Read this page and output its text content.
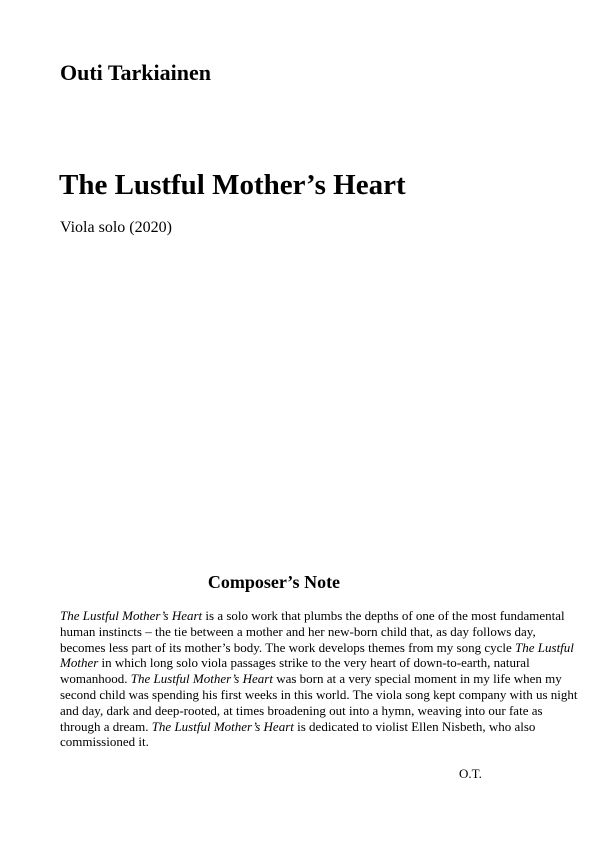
Outi Tarkiainen
The Lustful Mother’s Heart

Viola solo (2020)

Composer’s Note
The Lustful Mother’s Heart is a solo work that plumbs the depths of one of the most fundamental
human instincts – the tie between a mother and her new-born child that, as day follows day,
becomes less part of its mother’s body. The work develops themes from my song cycle The Lustful
Mother in which long solo viola passages strike to the very heart of down-to-earth, natural
womanhood. The Lustful Mother’s Heart was born at a very special moment in my life when my
second child was spending his first weeks in this world. The viola song kept company with us night
and day, dark and deep-rooted, at times broadening out into a hymn, weaving into our fate as
through a dream. The Lustful Mother’s Heart is dedicated to violist Ellen Nisbeth, who also
commissioned it.

O.T.
